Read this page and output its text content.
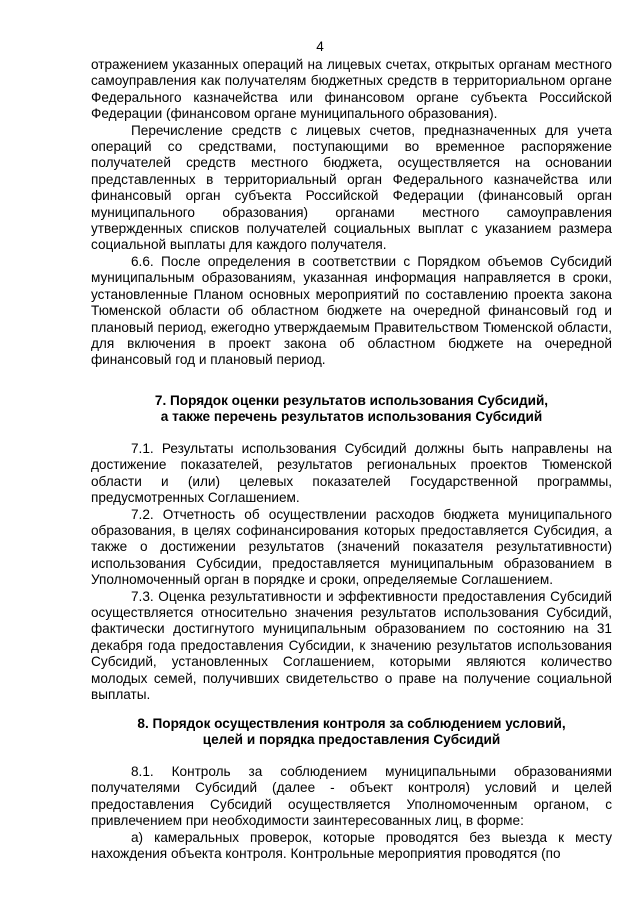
4

отражением указанных операций на лицевых счетах, открытых органам местного самоуправления как получателям бюджетных средств в территориальном органе Федерального казначейства или финансовом органе субъекта Российской Федерации (финансовом органе муниципального образования).

Перечисление средств с лицевых счетов, предназначенных для учета операций со средствами, поступающими во временное распоряжение получателей средств местного бюджета, осуществляется на основании представленных в территориальный орган Федерального казначейства или финансовый орган субъекта Российской Федерации (финансовый орган муниципального образования) органами местного самоуправления утвержденных списков получателей социальных выплат с указанием размера социальной выплаты для каждого получателя.

6.6. После определения в соответствии с Порядком объемов Субсидий муниципальным образованиям, указанная информация направляется в сроки, установленные Планом основных мероприятий по составлению проекта закона Тюменской области об областном бюджете на очередной финансовый год и плановый период, ежегодно утверждаемым Правительством Тюменской области, для включения в проект закона об областном бюджете на очередной финансовый год и плановый период.

7. Порядок оценки результатов использования Субсидий,
а также перечень результатов использования Субсидий

7.1. Результаты использования Субсидий должны быть направлены на достижение показателей, результатов региональных проектов Тюменской области и (или) целевых показателей Государственной программы, предусмотренных Соглашением.

7.2. Отчетность об осуществлении расходов бюджета муниципального образования, в целях софинансирования которых предоставляется Субсидия, а также о достижении результатов (значений показателя результативности) использования Субсидии, предоставляется муниципальным образованием в Уполномоченный орган в порядке и сроки, определяемые Соглашением.

7.3. Оценка результативности и эффективности предоставления Субсидий осуществляется относительно значения результатов использования Субсидий, фактически достигнутого муниципальным образованием по состоянию на 31 декабря года предоставления Субсидии, к значению результатов использования Субсидий, установленных Соглашением, которыми являются количество молодых семей, получивших свидетельство о праве на получение социальной выплаты.

8. Порядок осуществления контроля за соблюдением условий,
целей и порядка предоставления Субсидий

8.1. Контроль за соблюдением муниципальными образованиями получателями Субсидий (далее - объект контроля) условий и целей предоставления Субсидий осуществляется Уполномоченным органом, с привлечением при необходимости заинтересованных лиц, в форме:

а) камеральных проверок, которые проводятся без выезда к месту нахождения объекта контроля. Контрольные мероприятия проводятся (по
